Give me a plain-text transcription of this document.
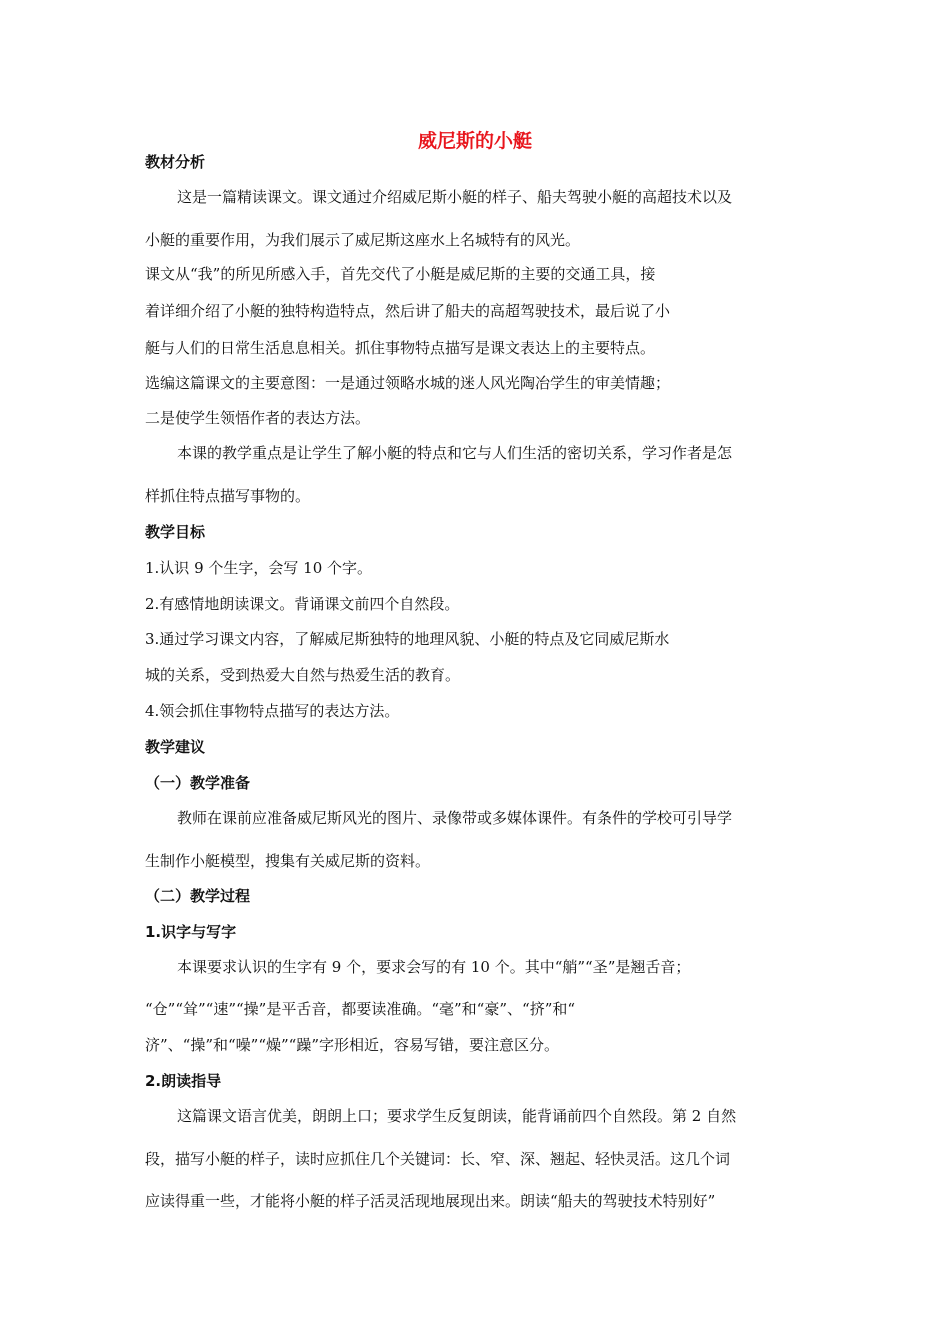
威尼斯的小艇
教材分析
这是一篇精读课文。课文通过介绍威尼斯小艇的样子、船夫驾驶小艇的高超技术以及
小艇的重要作用，为我们展示了威尼斯这座水上名城特有的风光。
课文从“我”的所见所感入手，首先交代了小艇是威尼斯的主要的交通工具，接
着详细介绍了小艇的独特构造特点，然后讲了船夫的高超驾驶技术，最后说了小
艇与人们的日常生活息息相关。抓住事物特点描写是课文表达上的主要特点。
选编这篇课文的主要意图：一是通过领略水城的迷人风光陶冶学生的审美情趣；
二是使学生领悟作者的表达方法。
本课的教学重点是让学生了解小艇的特点和它与人们生活的密切关系，学习作者是怎
样抓住特点描写事物的。
教学目标
1.认识 9 个生字，会写 10 个字。
2.有感情地朗读课文。背诵课文前四个自然段。
3.通过学习课文内容，了解威尼斯独特的地理风貌、小艇的特点及它同威尼斯水
城的关系，受到热爱大自然与热爱生活的教育。
4.领会抓住事物特点描写的表达方法。
教学建议
（一）教学准备
教师在课前应准备威尼斯风光的图片、录像带或多媒体课件。有条件的学校可引导学
生制作小艇模型，搜集有关威尼斯的资料。
（二）教学过程
1.识字与写字
本课要求认识的生字有 9 个，要求会写的有 10 个。其中“艄”“圣”是翘舌音；
“仓”“耸”“速”“操”是平舌音，都要读准确。“毫”和“豪”、“挤”和“
济”、“操”和“噪”“燥”“躁”字形相近，容易写错，要注意区分。
2.朗读指导
这篇课文语言优美，朗朗上口；要求学生反复朗读，能背诵前四个自然段。第 2 自然
段，描写小艇的样子，读时应抓住几个关键词：长、窄、深、翘起、轻快灵活。这几个词
应读得重一些，才能将小艇的样子活灵活现地展现出来。朗读“船夫的驾驶技术特别好”
